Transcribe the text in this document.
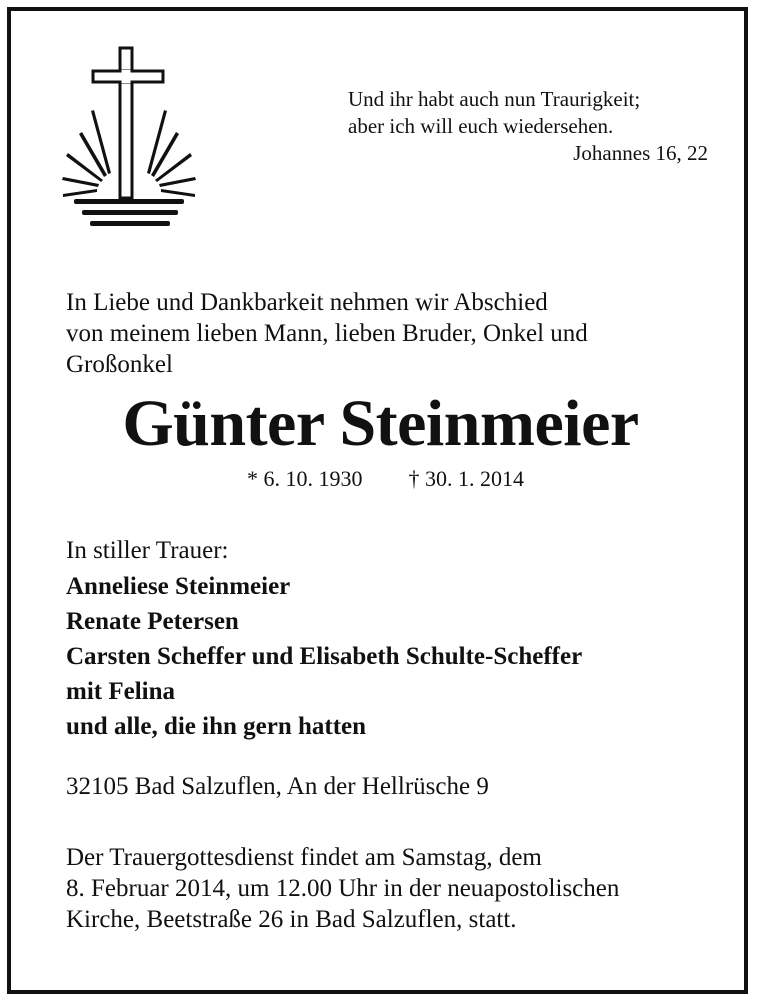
Und ihr habt auch nun Traurigkeit;
aber ich will euch wiedersehen.
Johannes 16, 22
In Liebe und Dankbarkeit nehmen wir Abschied
von meinem lieben Mann, lieben Bruder, Onkel und
Großonkel
Günter Steinmeier
* 6. 10. 1930 † 30. 1. 2014
In stiller Trauer:
Anneliese Steinmeier
Renate Petersen
Carsten Scheffer und Elisabeth Schulte-Scheffer
mit Felina
und alle, die ihn gern hatten
32105 Bad Salzuflen, An der Hellrüsche 9
Der Trauergottesdienst findet am Samstag, dem
8. Februar 2014, um 12.00 Uhr in der neuapostolischen
Kirche, Beetstraße 26 in Bad Salzuflen, statt.
